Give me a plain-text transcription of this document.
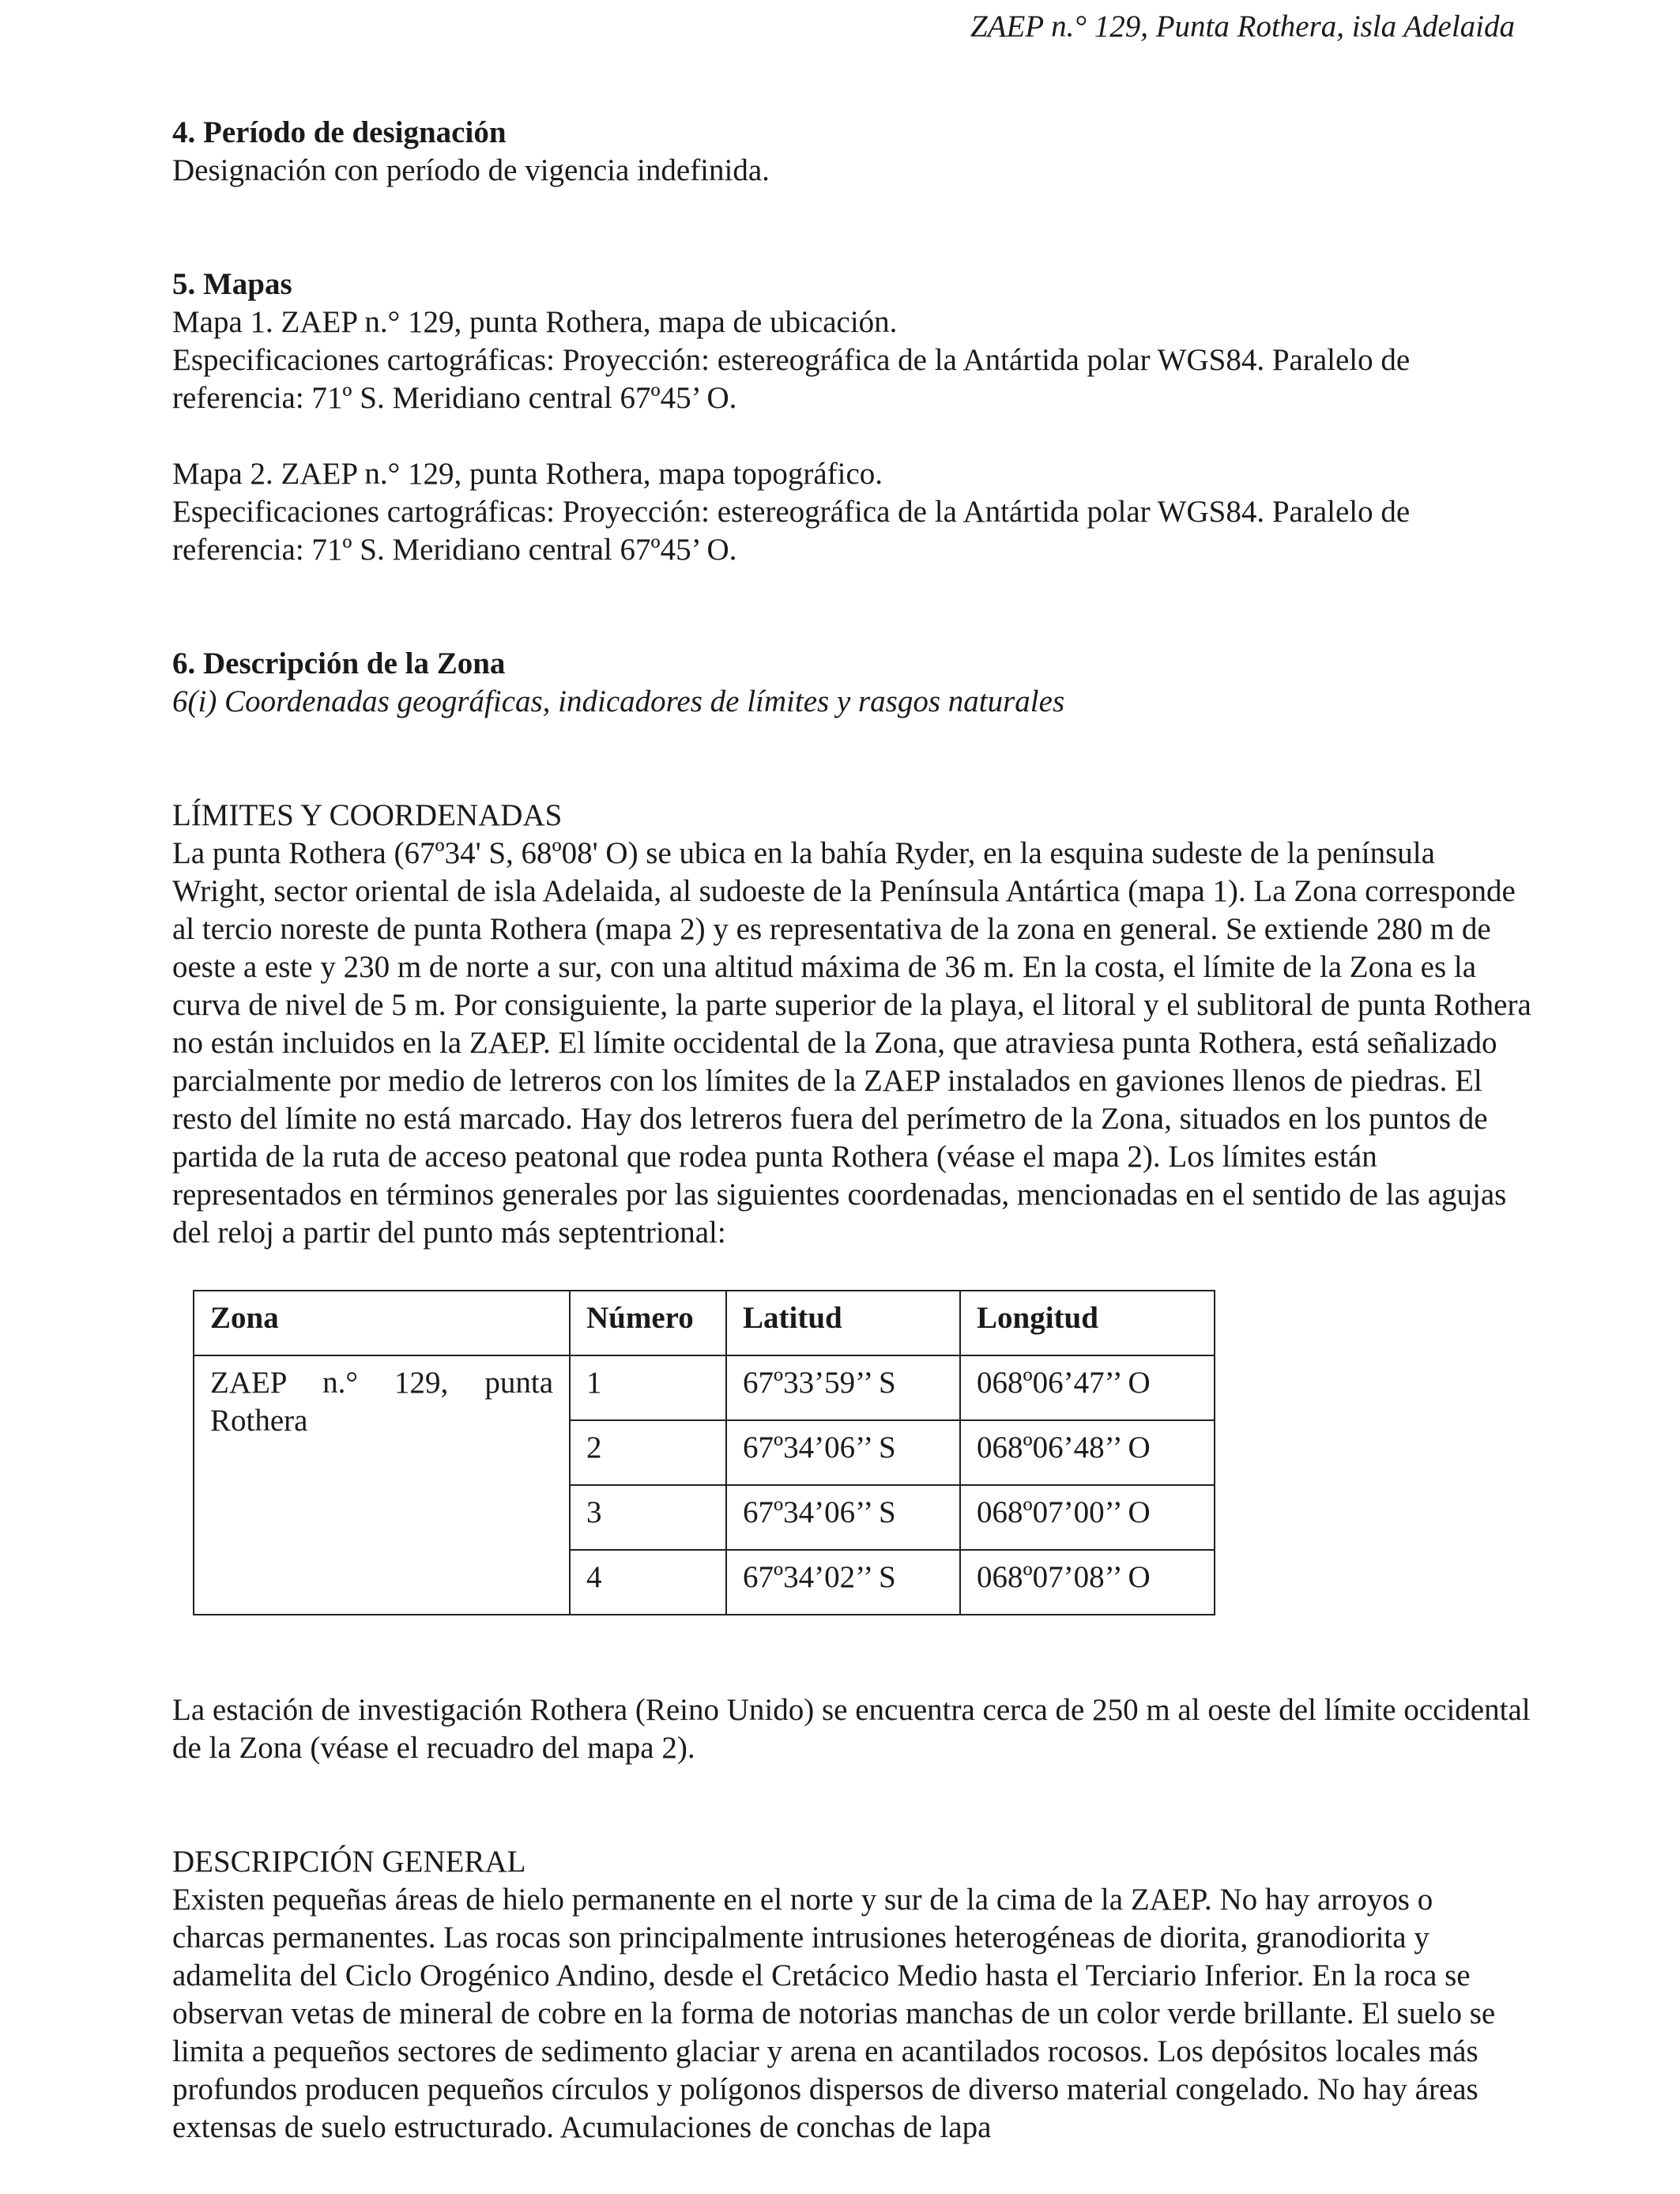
ZAEP n.° 129, Punta Rothera, isla Adelaida

4. Período de designación

Designación con período de vigencia indefinida.

5. Mapas

Mapa 1. ZAEP n.° 129, punta Rothera, mapa de ubicación.

Especificaciones cartográficas: Proyección: estereográfica de la Antártida polar WGS84. Paralelo de referencia: 71º S. Meridiano central 67º45’ O.

Mapa 2. ZAEP n.° 129, punta Rothera, mapa topográfico.

Especificaciones cartográficas: Proyección: estereográfica de la Antártida polar WGS84. Paralelo de referencia: 71º S. Meridiano central 67º45’ O.

6. Descripción de la Zona

6(i) Coordenadas geográficas, indicadores de límites y rasgos naturales

LÍMITES Y COORDENADAS

La punta Rothera (67º34' S, 68º08' O) se ubica en la bahía Ryder, en la esquina sudeste de la península Wright, sector oriental de isla Adelaida, al sudoeste de la Península Antártica (mapa 1). La Zona corresponde al tercio noreste de punta Rothera (mapa 2) y es representativa de la zona en general. Se extiende 280 m de oeste a este y 230 m de norte a sur, con una altitud máxima de 36 m. En la costa, el límite de la Zona es la curva de nivel de 5 m. Por consiguiente, la parte superior de la playa, el litoral y el sublitoral de punta Rothera no están incluidos en la ZAEP. El límite occidental de la Zona, que atraviesa punta Rothera, está señalizado parcialmente por medio de letreros con los límites de la ZAEP instalados en gaviones llenos de piedras. El resto del límite no está marcado. Hay dos letreros fuera del perímetro de la Zona, situados en los puntos de partida de la ruta de acceso peatonal que rodea punta Rothera (véase el mapa 2). Los límites están representados en términos generales por las siguientes coordenadas, mencionadas en el sentido de las agujas del reloj a partir del punto más septentrional:

Zona	Número	Latitud	Longitud
ZAEP n.° 129, punta Rothera	1	67º33’59’’ S	068º06’47’’ O
	2	67º34’06’’ S	068º06’48’’ O
	3	67º34’06’’ S	068º07’00’’ O
	4	67º34’02’’ S	068º07’08’’ O

La estación de investigación Rothera (Reino Unido) se encuentra cerca de 250 m al oeste del límite occidental de la Zona (véase el recuadro del mapa 2).

DESCRIPCIÓN GENERAL

Existen pequeñas áreas de hielo permanente en el norte y sur de la cima de la ZAEP. No hay arroyos o charcas permanentes. Las rocas son principalmente intrusiones heterogéneas de diorita, granodiorita y adamelita del Ciclo Orogénico Andino, desde el Cretácico Medio hasta el Terciario Inferior. En la roca se observan vetas de mineral de cobre en la forma de notorias manchas de un color verde brillante. El suelo se limita a pequeños sectores de sedimento glaciar y arena en acantilados rocosos. Los depósitos locales más profundos producen pequeños círculos y polígonos dispersos de diverso material congelado. No hay áreas extensas de suelo estructurado. Acumulaciones de conchas de lapa
